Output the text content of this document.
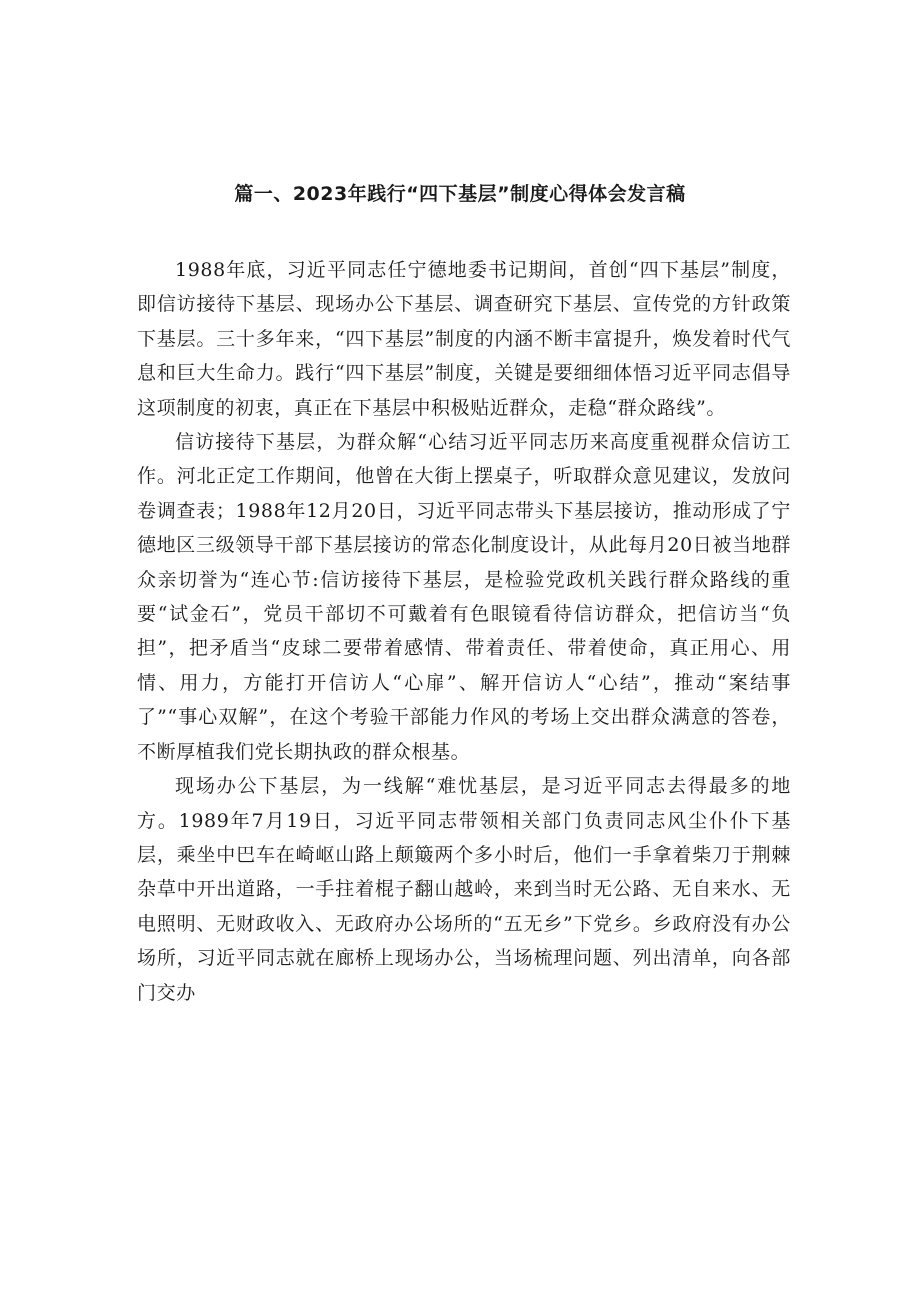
篇一、2023年践行“四下基层”制度心得体会发言稿

1988年底，习近平同志任宁德地委书记期间，首创“四下基层”制度，即信访接待下基层、现场办公下基层、调查研究下基层、宣传党的方针政策下基层。三十多年来，“四下基层”制度的内涵不断丰富提升，焕发着时代气息和巨大生命力。践行“四下基层”制度，关键是要细细体悟习近平同志倡导这项制度的初衷，真正在下基层中积极贴近群众，走稳“群众路线”。

信访接待下基层，为群众解“心结习近平同志历来高度重视群众信访工作。河北正定工作期间，他曾在大街上摆桌子，听取群众意见建议，发放问卷调查表；1988年12月20日，习近平同志带头下基层接访，推动形成了宁德地区三级领导干部下基层接访的常态化制度设计，从此每月20日被当地群众亲切誉为“连心节:信访接待下基层，是检验党政机关践行群众路线的重要“试金石”，党员干部切不可戴着有色眼镜看待信访群众，把信访当“负担”，把矛盾当“皮球二要带着感情、带着责任、带着使命，真正用心、用情、用力，方能打开信访人“心扉”、解开信访人“心结”，推动“案结事了”“事心双解”，在这个考验干部能力作风的考场上交出群众满意的答卷，不断厚植我们党长期执政的群众根基。

现场办公下基层，为一线解“难忧基层，是习近平同志去得最多的地方。1989年7月19日，习近平同志带领相关部门负责同志风尘仆仆下基层，乘坐中巴车在崎岖山路上颠簸两个多小时后，他们一手拿着柴刀于荆棘杂草中开出道路，一手拄着棍子翻山越岭，来到当时无公路、无自来水、无电照明、无财政收入、无政府办公场所的“五无乡”下党乡。乡政府没有办公场所，习近平同志就在廊桥上现场办公，当场梳理问题、列出清单，向各部门交办
